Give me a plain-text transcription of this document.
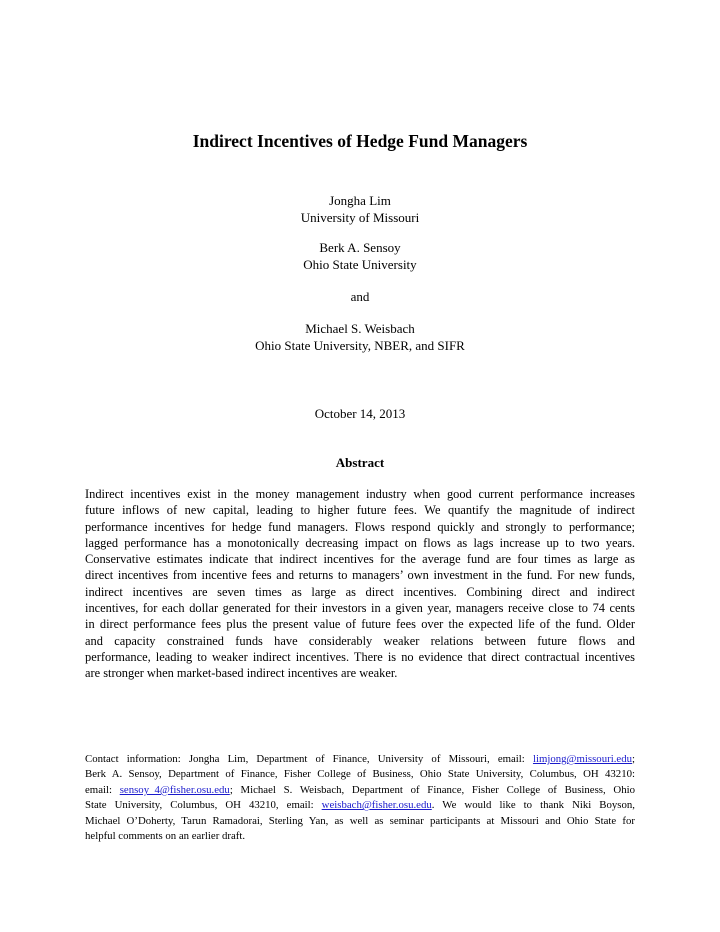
Indirect Incentives of Hedge Fund Managers
Jongha Lim
University of Missouri
Berk A. Sensoy
Ohio State University
and
Michael S. Weisbach
Ohio State University, NBER, and SIFR
October 14, 2013
Abstract
Indirect incentives exist in the money management industry when good current performance increases
future inflows of new capital, leading to higher future fees. We quantify the magnitude of indirect
performance incentives for hedge fund managers. Flows respond quickly and strongly to performance;
lagged performance has a monotonically decreasing impact on flows as lags increase up to two years.
Conservative estimates indicate that indirect incentives for the average fund are four times as large as
direct incentives from incentive fees and returns to managers’ own investment in the fund. For new funds,
indirect incentives are seven times as large as direct incentives. Combining direct and indirect
incentives, for each dollar generated for their investors in a given year, managers receive close to 74 cents
in direct performance fees plus the present value of future fees over the expected life of the fund. Older
and capacity constrained funds have considerably weaker relations between future flows and
performance, leading to weaker indirect incentives. There is no evidence that direct contractual incentives
are stronger when market-based indirect incentives are weaker.
Contact information: Jongha Lim, Department of Finance, University of Missouri, email: limjong@missouri.edu;
Berk A. Sensoy, Department of Finance, Fisher College of Business, Ohio State University, Columbus, OH 43210:
email: sensoy_4@fisher.osu.edu; Michael S. Weisbach, Department of Finance, Fisher College of Business, Ohio
State University, Columbus, OH 43210, email: weisbach@fisher.osu.edu. We would like to thank Niki Boyson,
Michael O’Doherty, Tarun Ramadorai, Sterling Yan, as well as seminar participants at Missouri and Ohio State for
helpful comments on an earlier draft.
